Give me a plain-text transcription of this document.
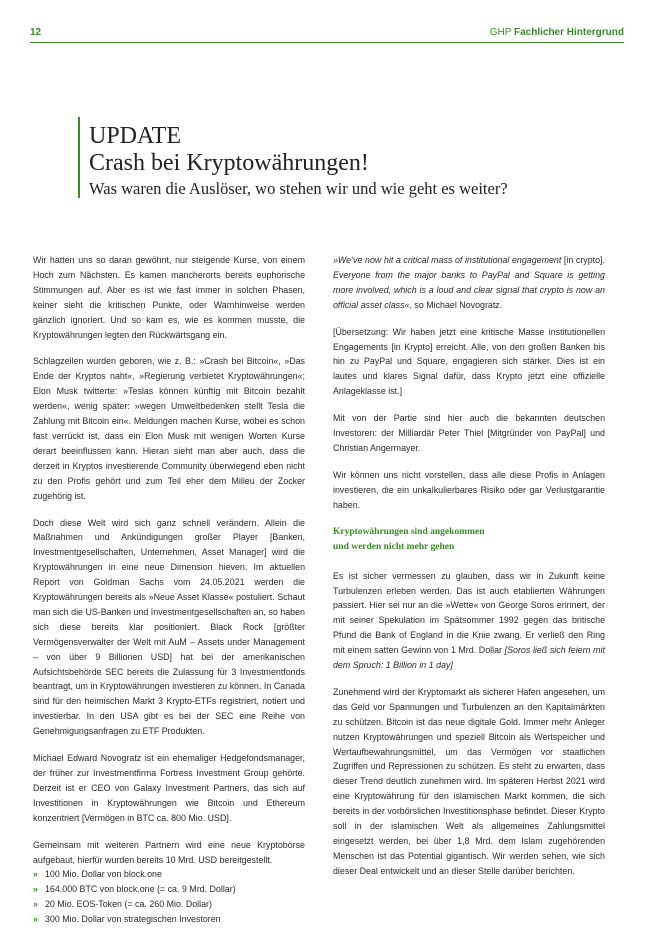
12	GHP Fachlicher Hintergrund
UPDATE
Crash bei Kryptowährungen!
Was waren die Auslöser, wo stehen wir und wie geht es weiter?

Wir hatten uns so daran gewöhnt, nur steigende Kurse, von einem Hoch zum Nächsten. Es kamen mancherorts bereits euphorische Stimmungen auf. Aber es ist wie fast immer in solchen Phasen, keiner sieht die kritischen Punkte, oder Warnhinweise werden gänzlich ignoriert. Und so kam es, wie es kommen musste, die Kryptowährungen legten den Rückwärtsgang ein.

Schlagzeilen wurden geboren, wie z. B.: »Crash bei Bitcoin«, »Das Ende der Kryptos naht«, »Regierung verbietet Kryptowährungen«; Elon Musk twitterte: »Teslas können künftig mit Bitcoin bezahlt werden«, wenig später: »wegen Umweltbedenken stellt Tesla die Zahlung mit Bitcoin ein«. Meldungen machen Kurse, wobei es schon fast verrückt ist, dass ein Elon Musk mit wenigen Worten Kurse derart beeinflussen kann. Hieran sieht man aber auch, dass die derzeit in Kryptos investierende Community überwiegend eben nicht zu den Profis gehört und zum Teil eher dem Milieu der Zocker zugehörig ist.

Doch diese Welt wird sich ganz schnell verändern. Allein die Maßnahmen und Ankündigungen großer Player [Banken, Investmentgesellschaften, Unternehmen, Asset Manager] wird die Kryptowährungen in eine neue Dimension hieven. Im aktuellen Report von Goldman Sachs vom 24.05.2021 werden die Kryptowährungen bereits als »Neue Asset Klasse« postuliert. Schaut man sich die US-Banken und Investmentgesellschaften an, so haben sich diese bereits klar positioniert. Black Rock [größter Vermögensverwalter der Welt mit AuM – Assets under Management – von über 9 Billionen USD] hat bei der amerikanischen Aufsichtsbehörde SEC bereits die Zulassung für 3 Investmentfonds beantragt, um in Kryptowährungen investieren zu können. In Canada sind für den heimischen Markt 3 Krypto-ETFs registriert, notiert und investierbar. In den USA gibt es bei der SEC eine Reihe von Genehmigungsanfragen zu ETF Produkten.

Michael Edward Novogratz ist ein ehemaliger Hedgefondsmanager, der früher zur Investmentfirma Fortress Investment Group gehörte. Derzeit ist er CEO von Galaxy Investment Partners, das sich auf Investitionen in Kryptowährungen wie Bitcoin und Ethereum konzentriert [Vermögen in BTC ca. 800 Mio. USD].

Gemeinsam mit weiteren Partnern wird eine neue Kryptobörse aufgebaut, hierfür wurden bereits 10 Mrd. USD bereitgestellt.

» 100 Mio. Dollar von block.one
» 164.000 BTC von block.one (= ca. 9 Mrd. Dollar)
» 20 Mio. EOS-Token (= ca. 260 Mio. Dollar)
» 300 Mio. Dollar von strategischen Investoren

»We’ve now hit a critical mass of institutional engagement [in crypto]. Everyone from the major banks to PayPal and Square is getting more involved, which is a loud and clear signal that crypto is now an official asset class«, so Michael Novogratz.

[Übersetzung: Wir haben jetzt eine kritische Masse institutionellen Engagements [in Krypto] erreicht. Alle, von den großen Banken bis hin zu PayPal und Square, engagieren sich stärker. Dies ist ein lautes und klares Signal dafür, dass Krypto jetzt eine offizielle Anlageklasse ist.]

Mit von der Partie sind hier auch die bekannten deutschen Investoren: der Milliardär Peter Thiel [Mitgründer von PayPal] und Christian Angermayer.

Wir können uns nicht vorstellen, dass alle diese Profis in Anlagen investieren, die ein unkalkulierbares Risiko oder gar Verlustgarantie haben.

Kryptowährungen sind angekommen
und werden nicht mehr gehen

Es ist sicher vermessen zu glauben, dass wir in Zukunft keine Turbulenzen erleben werden. Das ist auch etablierten Währungen passiert. Hier sei nur an die »Wette« von George Soros erinnert, der mit seiner Spekulation im Spätsommer 1992 gegen das britische Pfund die Bank of England in die Knie zwang. Er verließ den Ring mit einem satten Gewinn von 1 Mrd. Dollar [Soros ließ sich feiern mit dem Spruch: 1 Billion in 1 day]

Zunehmend wird der Kryptomarkt als sicherer Hafen angesehen, um das Geld vor Spannungen und Turbulenzen an den Kapitalmärkten zu schützen. Bitcoin ist das neue digitale Gold. Immer mehr Anleger nutzen Kryptowährungen und speziell Bitcoin als Wertspeicher und Wertaufbewahrungsmittel, um das Vermögen vor staatlichen Zugriffen und Repressionen zu schützen. Es steht zu erwarten, dass dieser Trend deutlich zunehmen wird. Im späteren Herbst 2021 wird eine Kryptowährung für den islamischen Markt kommen, die sich bereits in der vorbörslichen Investitionsphase befindet. Dieser Krypto soll in der islamischen Welt als allgemeines Zahlungsmittel eingesetzt werden, bei über 1,8 Mrd. dem Islam zugehörenden Menschen ist das Potential gigantisch. Wir werden sehen, wie sich dieser Deal entwickelt und an dieser Stelle darüber berichten.
